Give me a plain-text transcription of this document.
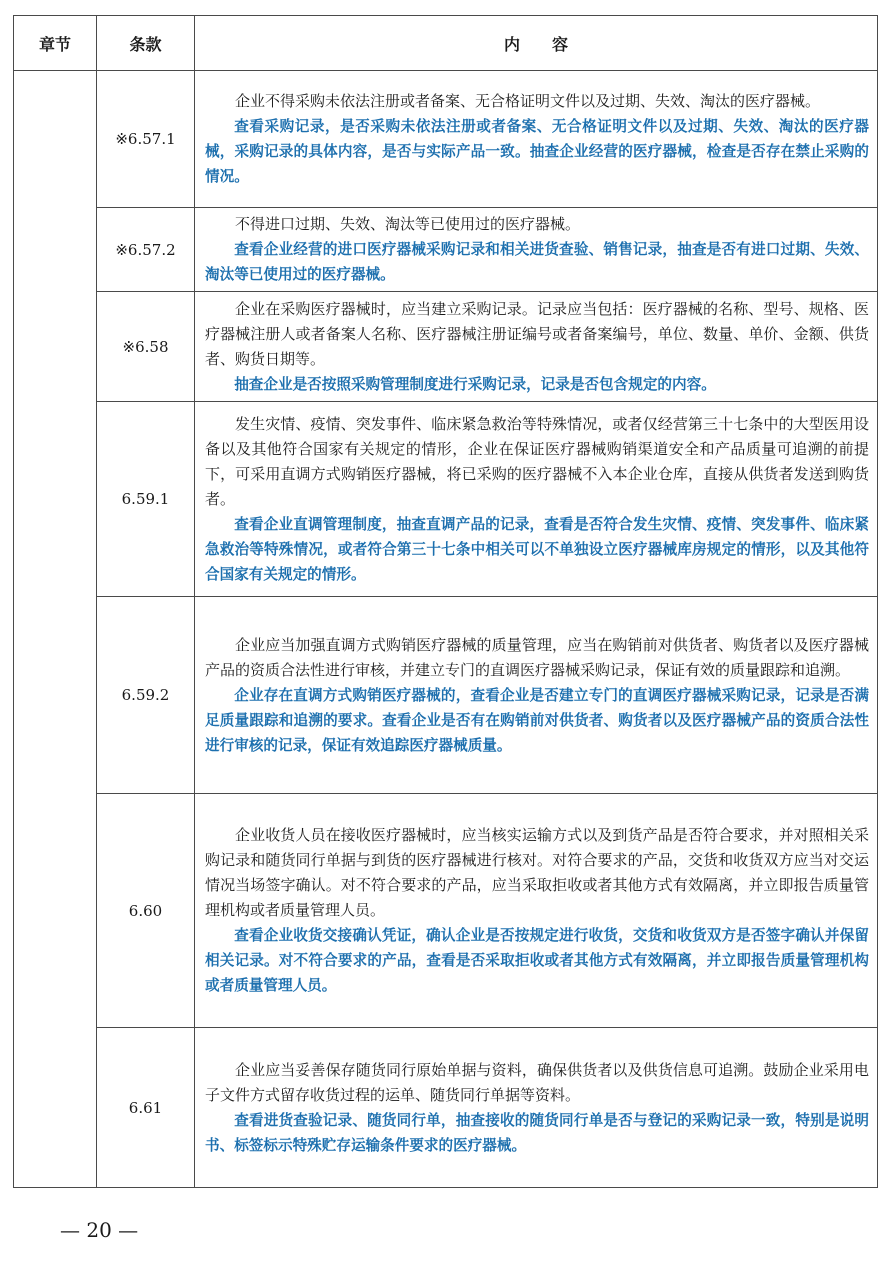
章节	条款	内　　容
	※6.57.1	企业不得采购未依法注册或者备案、无合格证明文件以及过期、失效、淘汰的医疗器械。

查看采购记录，是否采购未依法注册或者备案、无合格证明文件以及过期、失效、淘汰的医疗器械，采购记录的具体内容，是否与实际产品一致。抽查企业经营的医疗器械，检查是否存在禁止采购的情况。

	※6.57.2	不得进口过期、失效、淘汰等已使用过的医疗器械。

查看企业经营的进口医疗器械采购记录和相关进货查验、销售记录，抽查是否有进口过期、失效、淘汰等已使用过的医疗器械。

	※6.58	企业在采购医疗器械时，应当建立采购记录。记录应当包括：医疗器械的名称、型号、规格、医疗器械注册人或者备案人名称、医疗器械注册证编号或者备案编号，单位、数量、单价、金额、供货者、购货日期等。

抽查企业是否按照采购管理制度进行采购记录，记录是否包含规定的内容。

	6.59.1	发生灾情、疫情、突发事件、临床紧急救治等特殊情况，或者仅经营第三十七条中的大型医用设备以及其他符合国家有关规定的情形，企业在保证医疗器械购销渠道安全和产品质量可追溯的前提下，可采用直调方式购销医疗器械，将已采购的医疗器械不入本企业仓库，直接从供货者发送到购货者。

查看企业直调管理制度，抽查直调产品的记录，查看是否符合发生灾情、疫情、突发事件、临床紧急救治等特殊情况，或者符合第三十七条中相关可以不单独设立医疗器械库房规定的情形，以及其他符合国家有关规定的情形。

	6.59.2	企业应当加强直调方式购销医疗器械的质量管理，应当在购销前对供货者、购货者以及医疗器械产品的资质合法性进行审核，并建立专门的直调医疗器械采购记录，保证有效的质量跟踪和追溯。

企业存在直调方式购销医疗器械的，查看企业是否建立专门的直调医疗器械采购记录，记录是否满足质量跟踪和追溯的要求。查看企业是否有在购销前对供货者、购货者以及医疗器械产品的资质合法性进行审核的记录，保证有效追踪医疗器械质量。

	6.60	企业收货人员在接收医疗器械时，应当核实运输方式以及到货产品是否符合要求，并对照相关采购记录和随货同行单据与到货的医疗器械进行核对。对符合要求的产品，交货和收货双方应当对交运情况当场签字确认。对不符合要求的产品，应当采取拒收或者其他方式有效隔离，并立即报告质量管理机构或者质量管理人员。

查看企业收货交接确认凭证，确认企业是否按规定进行收货，交货和收货双方是否签字确认并保留相关记录。对不符合要求的产品，查看是否采取拒收或者其他方式有效隔离，并立即报告质量管理机构或者质量管理人员。

	6.61	企业应当妥善保存随货同行原始单据与资料，确保供货者以及供货信息可追溯。鼓励企业采用电子文件方式留存收货过程的运单、随货同行单据等资料。

查看进货查验记录、随货同行单，抽查接收的随货同行单是否与登记的采购记录一致，特别是说明书、标签标示特殊贮存运输条件要求的医疗器械。

— 20 —
